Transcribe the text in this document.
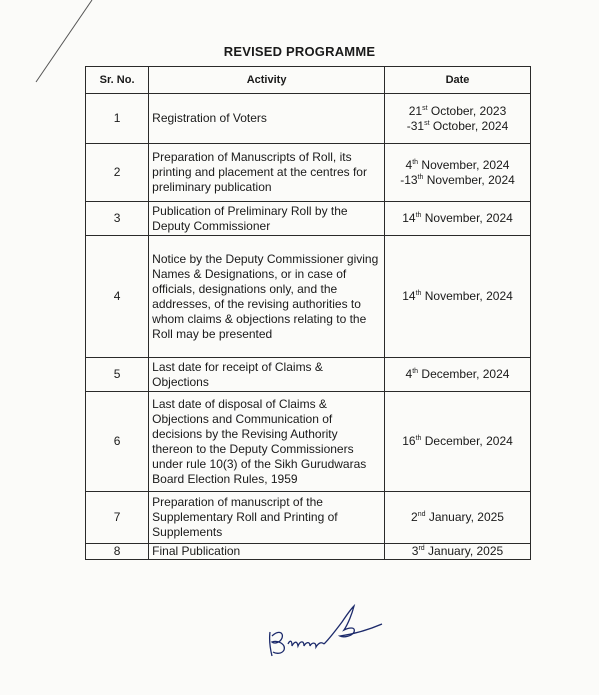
REVISED PROGRAMME
Sr. No.	Activity	Date
1	Registration of Voters	21st October, 2023
-31st October, 2024

2	Preparation of Manuscripts of Roll, its printing and placement at the centres for preliminary publication	4th November, 2024
-13th November, 2024

3	Publication of Preliminary Roll by the Deputy Commissioner	14th November, 2024

4	Notice by the Deputy Commissioner giving Names & Designations, or in case of officials, designations only, and the addresses, of the revising authorities to whom claims & objections relating to the Roll may be presented	14th November, 2024

5	Last date for receipt of Claims & Objections	4th December, 2024

6	Last date of disposal of Claims & Objections and Communication of decisions by the Revising Authority thereon to the Deputy Commissioners under rule 10(3) of the Sikh Gurudwaras Board Election Rules, 1959	16th December, 2024

7	Preparation of manuscript of the Supplementary Roll and Printing of Supplements	2nd January, 2025

8	Final Publication	3rd January, 2025
